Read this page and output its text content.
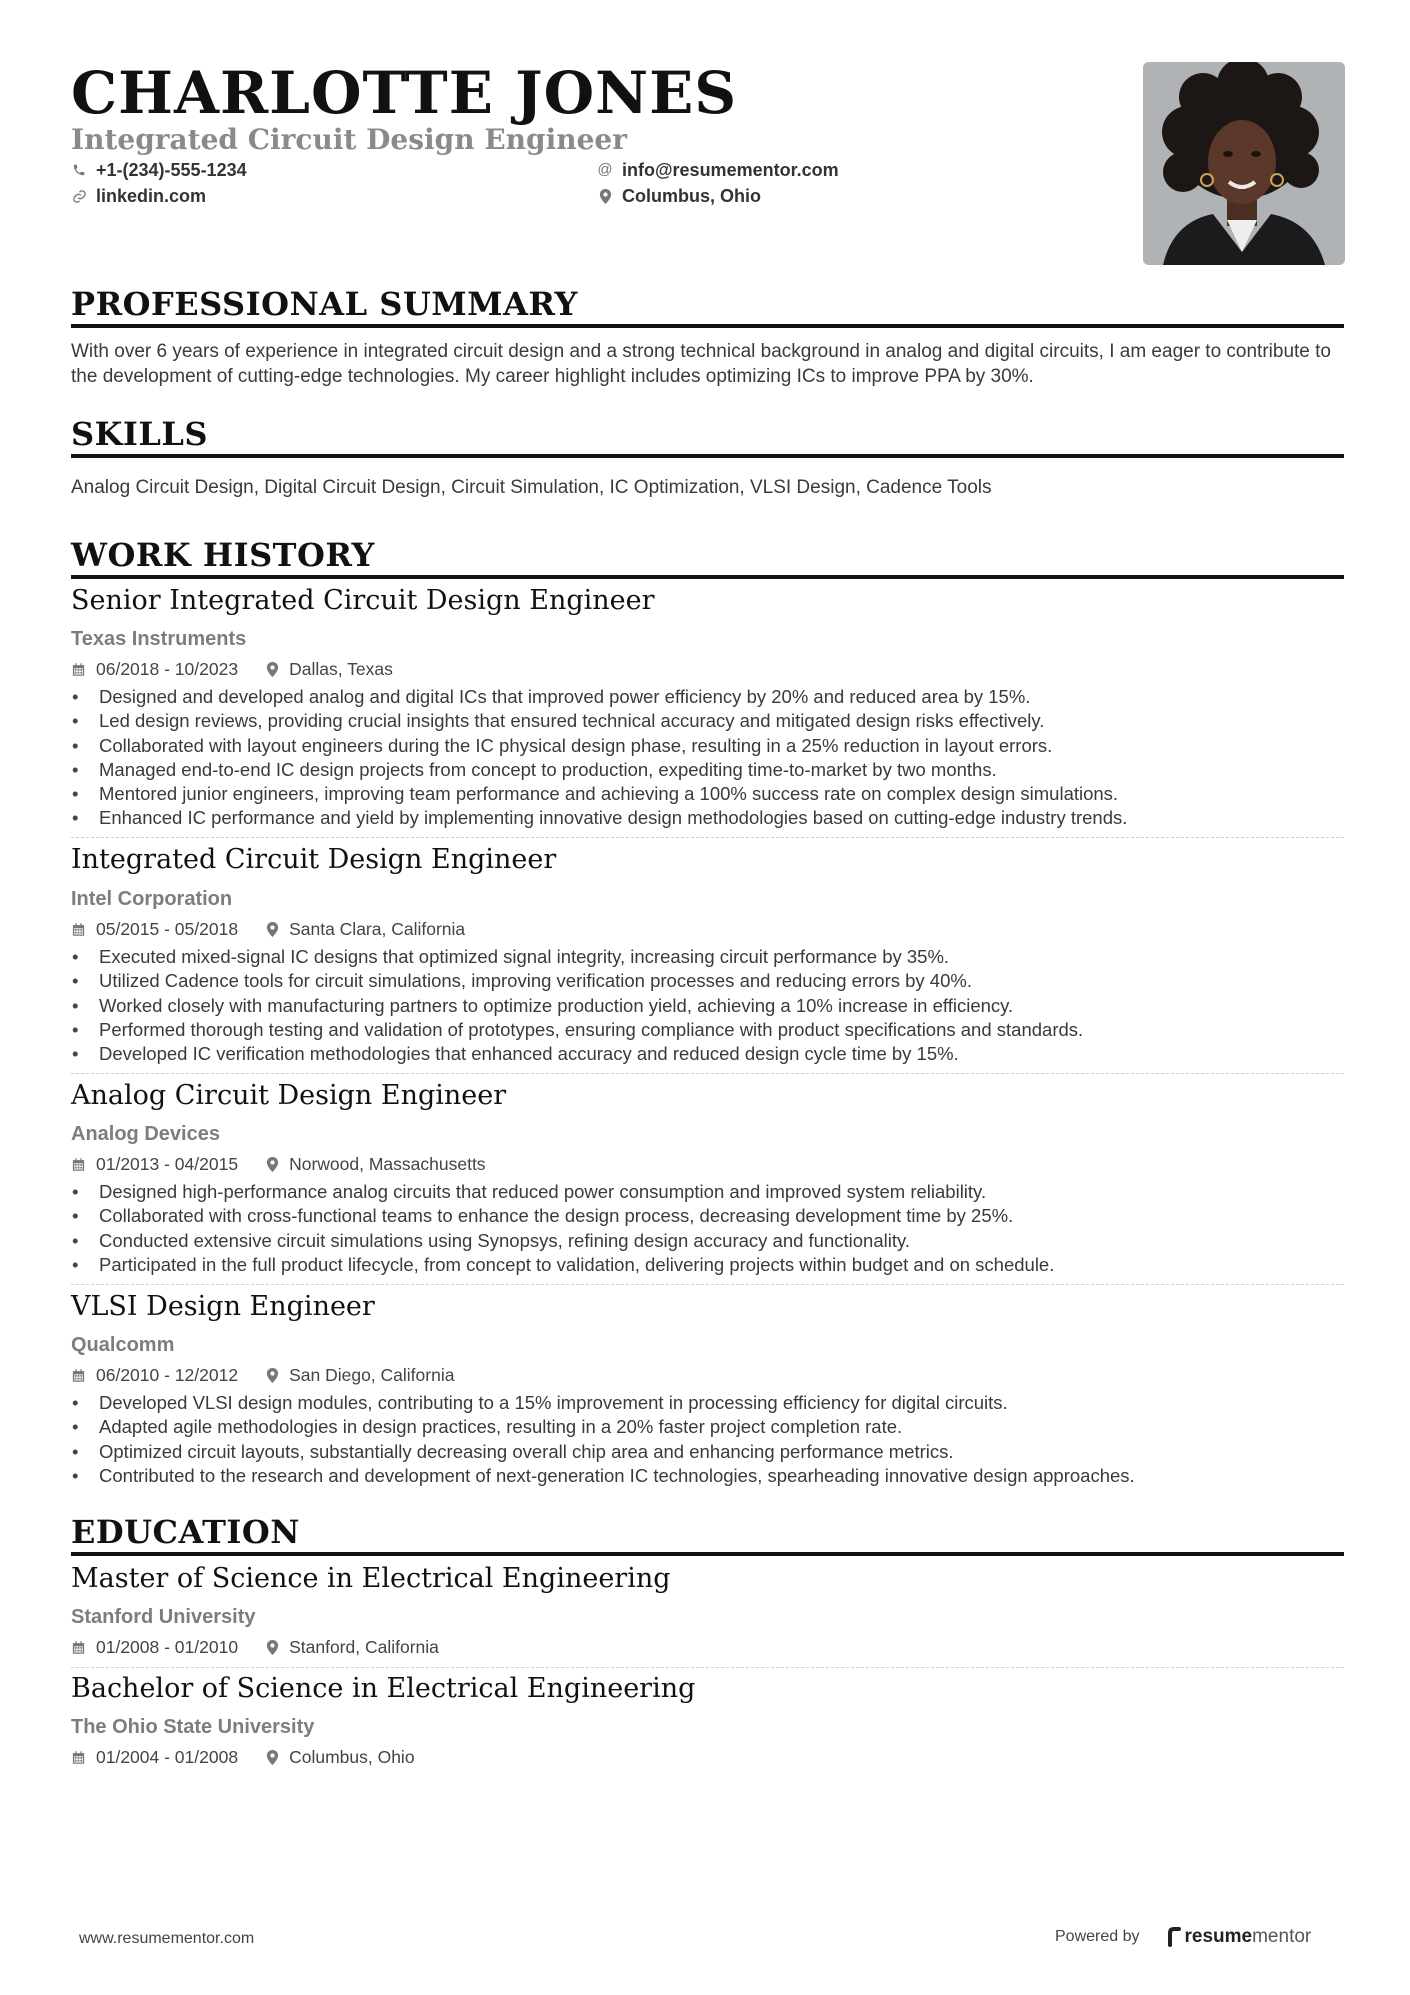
CHARLOTTE JONES
Integrated Circuit Design Engineer
+1-(234)-555-1234
linkedin.com
@ info@resumementor.com
Columbus, Ohio
PROFESSIONAL SUMMARY
With over 6 years of experience in integrated circuit design and a strong technical background in analog and digital circuits, I am eager to contribute to the development of cutting-edge technologies. My career highlight includes optimizing ICs to improve PPA by 30%.
SKILLS
Analog Circuit Design, Digital Circuit Design, Circuit Simulation, IC Optimization, VLSI Design, Cadence Tools
WORK HISTORY
Senior Integrated Circuit Design Engineer
Texas Instruments
06/2018 - 10/2023	Dallas, Texas
• Designed and developed analog and digital ICs that improved power efficiency by 20% and reduced area by 15%.
• Led design reviews, providing crucial insights that ensured technical accuracy and mitigated design risks effectively.
• Collaborated with layout engineers during the IC physical design phase, resulting in a 25% reduction in layout errors.
• Managed end-to-end IC design projects from concept to production, expediting time-to-market by two months.
• Mentored junior engineers, improving team performance and achieving a 100% success rate on complex design simulations.
• Enhanced IC performance and yield by implementing innovative design methodologies based on cutting-edge industry trends.
Integrated Circuit Design Engineer
Intel Corporation
05/2015 - 05/2018	Santa Clara, California
• Executed mixed-signal IC designs that optimized signal integrity, increasing circuit performance by 35%.
• Utilized Cadence tools for circuit simulations, improving verification processes and reducing errors by 40%.
• Worked closely with manufacturing partners to optimize production yield, achieving a 10% increase in efficiency.
• Performed thorough testing and validation of prototypes, ensuring compliance with product specifications and standards.
• Developed IC verification methodologies that enhanced accuracy and reduced design cycle time by 15%.
Analog Circuit Design Engineer
Analog Devices
01/2013 - 04/2015	Norwood, Massachusetts
• Designed high-performance analog circuits that reduced power consumption and improved system reliability.
• Collaborated with cross-functional teams to enhance the design process, decreasing development time by 25%.
• Conducted extensive circuit simulations using Synopsys, refining design accuracy and functionality.
• Participated in the full product lifecycle, from concept to validation, delivering projects within budget and on schedule.
VLSI Design Engineer
Qualcomm
06/2010 - 12/2012	San Diego, California
• Developed VLSI design modules, contributing to a 15% improvement in processing efficiency for digital circuits.
• Adapted agile methodologies in design practices, resulting in a 20% faster project completion rate.
• Optimized circuit layouts, substantially decreasing overall chip area and enhancing performance metrics.
• Contributed to the research and development of next-generation IC technologies, spearheading innovative design approaches.
EDUCATION
Master of Science in Electrical Engineering
Stanford University
01/2008 - 01/2010	Stanford, California
Bachelor of Science in Electrical Engineering
The Ohio State University
01/2004 - 01/2008	Columbus, Ohio
www.resumementor.com	Powered by resume mentor
